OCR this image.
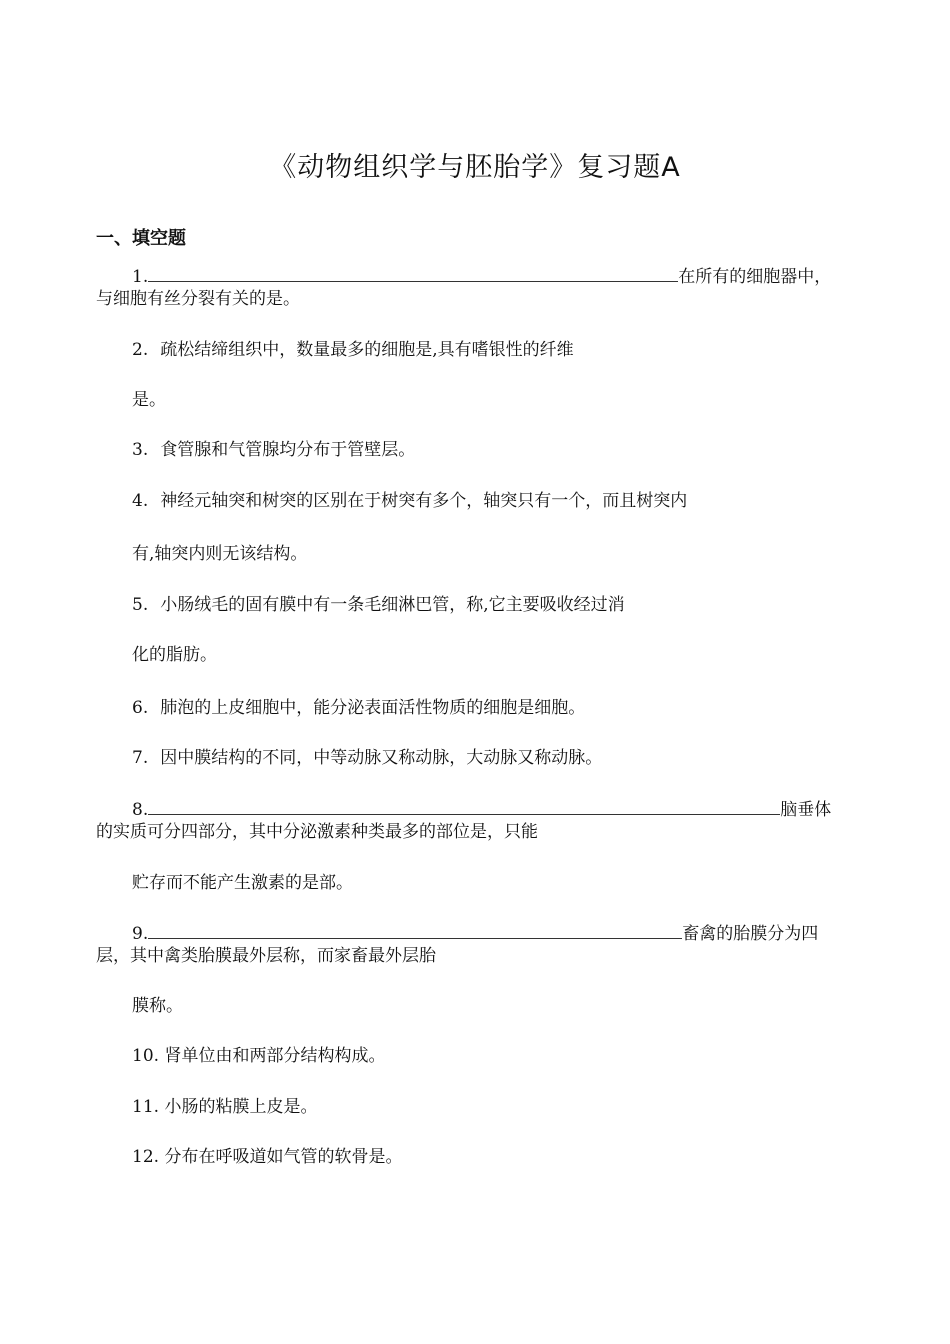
《动物组织学与胚胎学》复习题A
一、填空题
1.	在所有的细胞器中，
与细胞有丝分裂有关的是。
2. 疏松结缔组织中，数量最多的细胞是,具有嗜银性的纤维
是。
3. 食管腺和气管腺均分布于管壁层。
4. 神经元轴突和树突的区别在于树突有多个，轴突只有一个，而且树突内
有,轴突内则无该结构。
5. 小肠绒毛的固有膜中有一条毛细淋巴管，称,它主要吸收经过消
化的脂肪。
6. 肺泡的上皮细胞中，能分泌表面活性物质的细胞是细胞。
7. 因中膜结构的不同，中等动脉又称动脉，大动脉又称动脉。
8.	脑垂体
的实质可分四部分，其中分泌激素种类最多的部位是，只能
贮存而不能产生激素的是部。
9.	畜禽的胎膜分为四
层，其中禽类胎膜最外层称，而家畜最外层胎
膜称。
10. 肾单位由和两部分结构构成。
11. 小肠的粘膜上皮是。
12. 分布在呼吸道如气管的软骨是。
